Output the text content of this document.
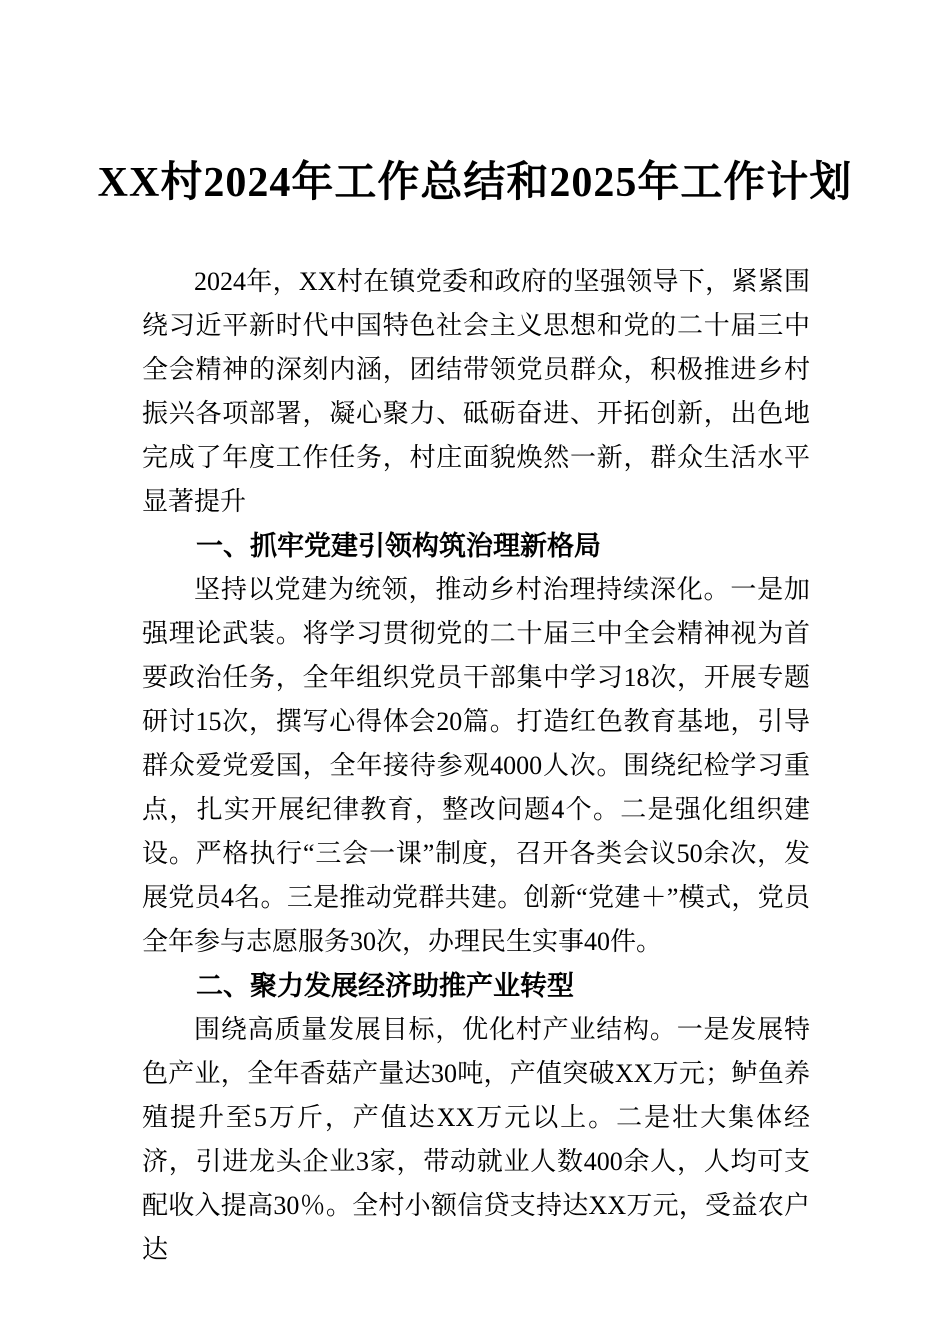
XX村2024年工作总结和2025年工作计划

2024年，XX村在镇党委和政府的坚强领导下，紧紧围绕习近平新时代中国特色社会主义思想和党的二十届三中全会精神的深刻内涵，团结带领党员群众，积极推进乡村振兴各项部署，凝心聚力、砥砺奋进、开拓创新，出色地完成了年度工作任务，村庄面貌焕然一新，群众生活水平显著提升

一、抓牢党建引领构筑治理新格局

坚持以党建为统领，推动乡村治理持续深化。一是加强理论武装。将学习贯彻党的二十届三中全会精神视为首要政治任务，全年组织党员干部集中学习18次，开展专题研讨15次，撰写心得体会20篇。打造红色教育基地，引导群众爱党爱国，全年接待参观4000人次。围绕纪检学习重点，扎实开展纪律教育，整改问题4个。二是强化组织建设。严格执行“三会一课”制度，召开各类会议50余次，发展党员4名。三是推动党群共建。创新“党建＋”模式，党员全年参与志愿服务30次，办理民生实事40件。

二、聚力发展经济助推产业转型

围绕高质量发展目标，优化村产业结构。一是发展特色产业，全年香菇产量达30吨，产值突破XX万元；鲈鱼养殖提升至5万斤，产值达XX万元以上。二是壮大集体经济，引进龙头企业3家，带动就业人数400余人，人均可支配收入提高30％。全村小额信贷支持达XX万元，受益农户达
